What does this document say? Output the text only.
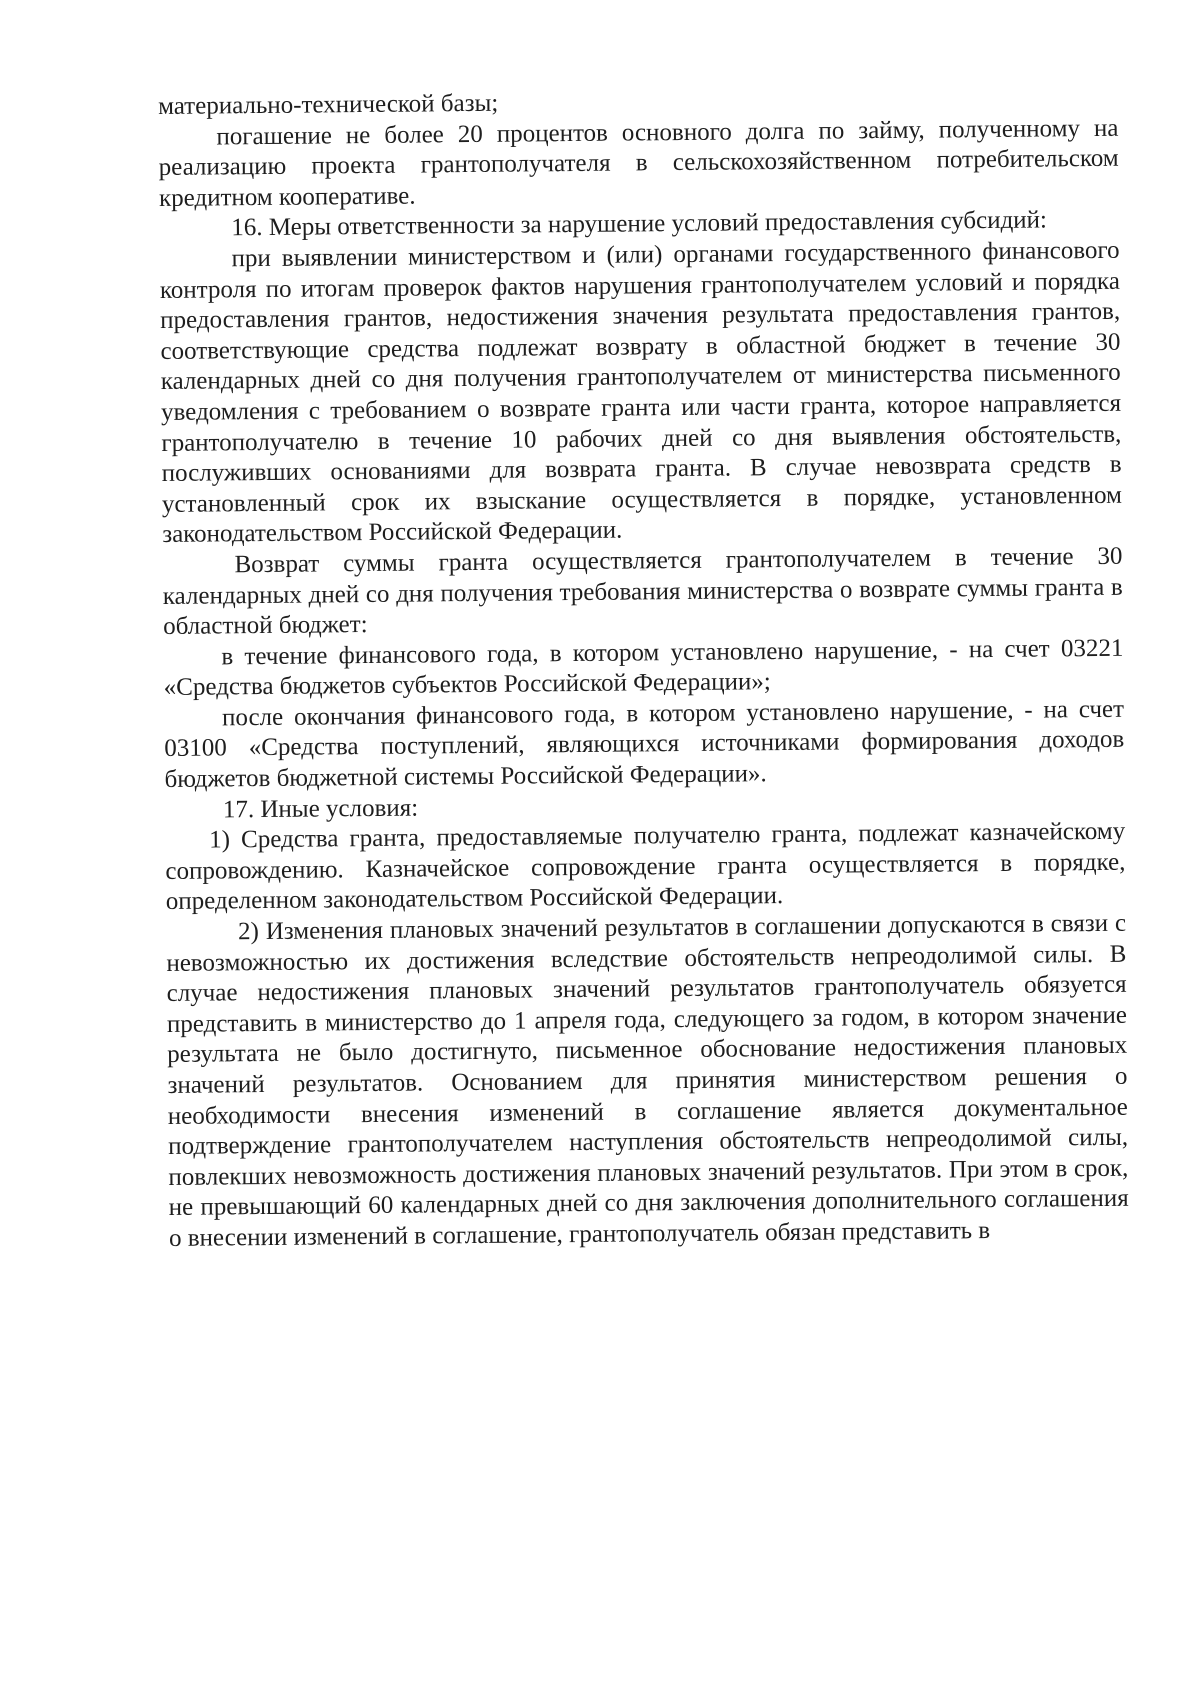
материально-технической базы;

погашение не более 20 процентов основного долга по займу, полученному на реализацию проекта грантополучателя в сельскохозяйственном потребительском кредитном кооперативе.

16. Меры ответственности за нарушение условий предоставления субсидий:

при выявлении министерством и (или) органами государственного финансового контроля по итогам проверок фактов нарушения грантополучателем условий и порядка предоставления грантов, недостижения значения результата предоставления грантов, соответствующие средства подлежат возврату в областной бюджет в течение 30 календарных дней со дня получения грантополучателем от министерства письменного уведомления с требованием о возврате гранта или части гранта, которое направляется грантополучателю в течение 10 рабочих дней со дня выявления обстоятельств, послуживших основаниями для возврата гранта. В случае невозврата средств в установленный срок их взыскание осуществляется в порядке, установленном законодательством Российской Федерации.

Возврат суммы гранта осуществляется грантополучателем в течение 30 календарных дней со дня получения требования министерства о возврате суммы гранта в областной бюджет:

в течение финансового года, в котором установлено нарушение, - на счет 03221 «Средства бюджетов субъектов Российской Федерации»;

после окончания финансового года, в котором установлено нарушение, - на счет 03100 «Средства поступлений, являющихся источниками формирования доходов бюджетов бюджетной системы Российской Федерации».

17. Иные условия:

1) Средства гранта, предоставляемые получателю гранта, подлежат казначейскому сопровождению. Казначейское сопровождение гранта осуществляется в порядке, определенном законодательством Российской Федерации.

2) Изменения плановых значений результатов в соглашении допускаются в связи с невозможностью их достижения вследствие обстоятельств непреодолимой силы. В случае недостижения плановых значений результатов грантополучатель обязуется представить в министерство до 1 апреля года, следующего за годом, в котором значение результата не было достигнуто, письменное обоснование недостижения плановых значений результатов. Основанием для принятия министерством решения о необходимости внесения изменений в соглашение является документальное подтверждение грантополучателем наступления обстоятельств непреодолимой силы, повлекших невозможность достижения плановых значений результатов. При этом в срок, не превышающий 60 календарных дней со дня заключения дополнительного соглашения о внесении изменений в соглашение, грантополучатель обязан представить в
